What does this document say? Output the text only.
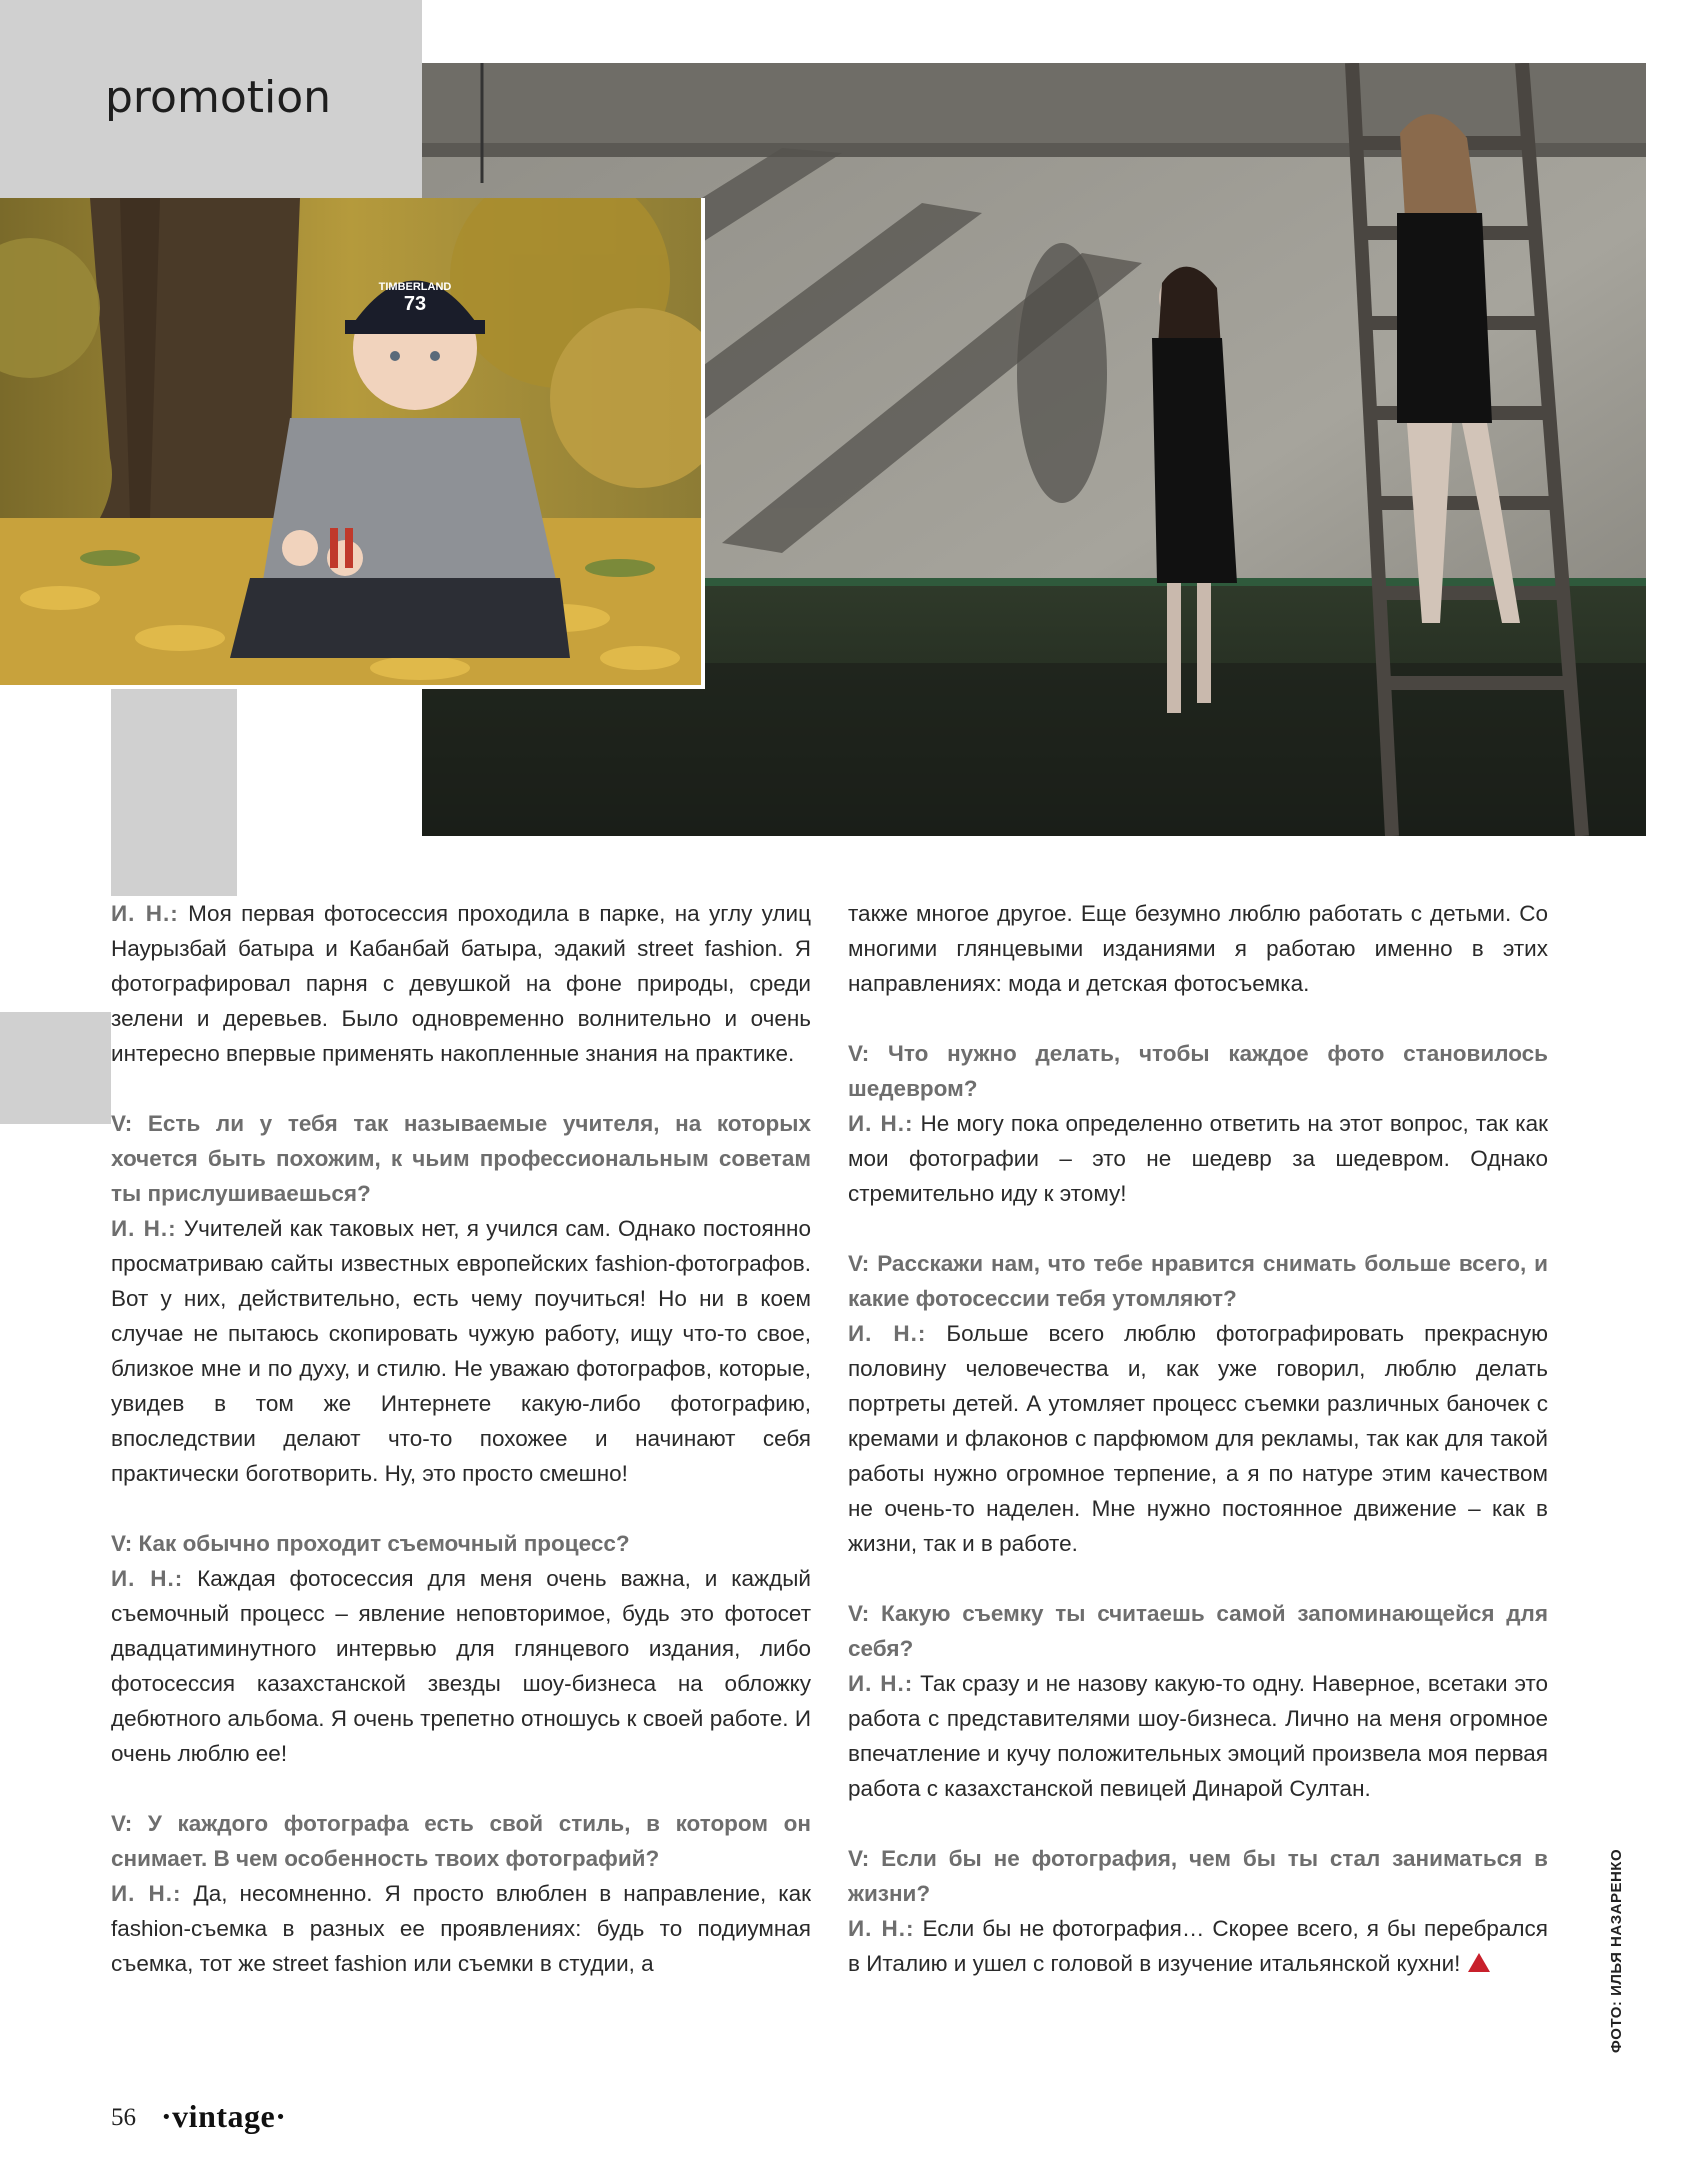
promotion
TIMBERLAND
73

И. Н.: Моя первая фотосессия проходила в парке, на углу улиц Наурызбай батыра и Кабанбай батыра, эдакий street fashion. Я фотографировал парня с девушкой на фоне природы, среди зелени и деревьев. Было одновременно волнительно и очень интересно впервые применять накопленные знания на практике.

V: Есть ли у тебя так называемые учителя, на которых хочется быть похожим, к чьим профессиональным советам ты прислушиваешься?

И. Н.: Учителей как таковых нет, я учился сам. Однако постоянно просматриваю сайты известных европейских fashion-фотографов. Вот у них, действительно, есть чему поучиться! Но ни в коем случае не пытаюсь скопировать чужую работу, ищу что-то свое, близкое мне и по духу, и стилю. Не уважаю фотографов, которые, увидев в том же Интернете какую-либо фотографию, впоследствии делают что-то похожее и начинают себя практически боготворить. Ну, это просто смешно!

V: Как обычно проходит съемочный процесс?

И. Н.: Каждая фотосессия для меня очень важна, и каждый съемочный процесс – явление неповторимое, будь это фотосет двадцатиминутного интервью для глянцевого издания, либо фотосессия казахстанской звезды шоу-бизнеса на обложку дебютного альбома. Я очень трепетно отношусь к своей работе. И очень люблю ее!

V: У каждого фотографа есть свой стиль, в котором он снимает. В чем особенность твоих фотографий?

И. Н.: Да, несомненно. Я просто влюблен в направление, как fashion-съемка в разных ее проявлениях: будь то подиумная съемка, тот же street fashion или съемки в студии, а

также многое другое. Еще безумно люблю работать с детьми. Со многими глянцевыми изданиями я работаю именно в этих направлениях: мода и детская фотосъемка.

V: Что нужно делать, чтобы каждое фото становилось шедевром?

И. Н.: Не могу пока определенно ответить на этот вопрос, так как мои фотографии – это не шедевр за шедевром. Однако стремительно иду к этому!

V: Расскажи нам, что тебе нравится снимать больше всего, и какие фотосессии тебя утомляют?

И. Н.: Больше всего люблю фотографировать прекрасную половину человечества и, как уже говорил, люблю делать портреты детей. А утомляет процесс съемки различных баночек с кремами и флаконов с парфюмом для рекламы, так как для такой работы нужно огромное терпение, а я по натуре этим качеством не очень-то наделен. Мне нужно постоянное движение – как в жизни, так и в работе.

V: Какую съемку ты считаешь самой запоминающейся для себя?

И. Н.: Так сразу и не назову какую-то одну. Наверное, всетаки это работа с представителями шоу-бизнеса. Лично на меня огромное впечатление и кучу положительных эмоций произвела моя первая работа с казахстанской певицей Динарой Султан.

V: Если бы не фотография, чем бы ты стал заниматься в жизни?

И. Н.: Если бы не фотография… Скорее всего, я бы перебрался в Италию и ушел с головой в изучение итальянской кухни!	ФОТО: ИЛЬЯ НАЗАРЕНКО
56 ·vintage·
